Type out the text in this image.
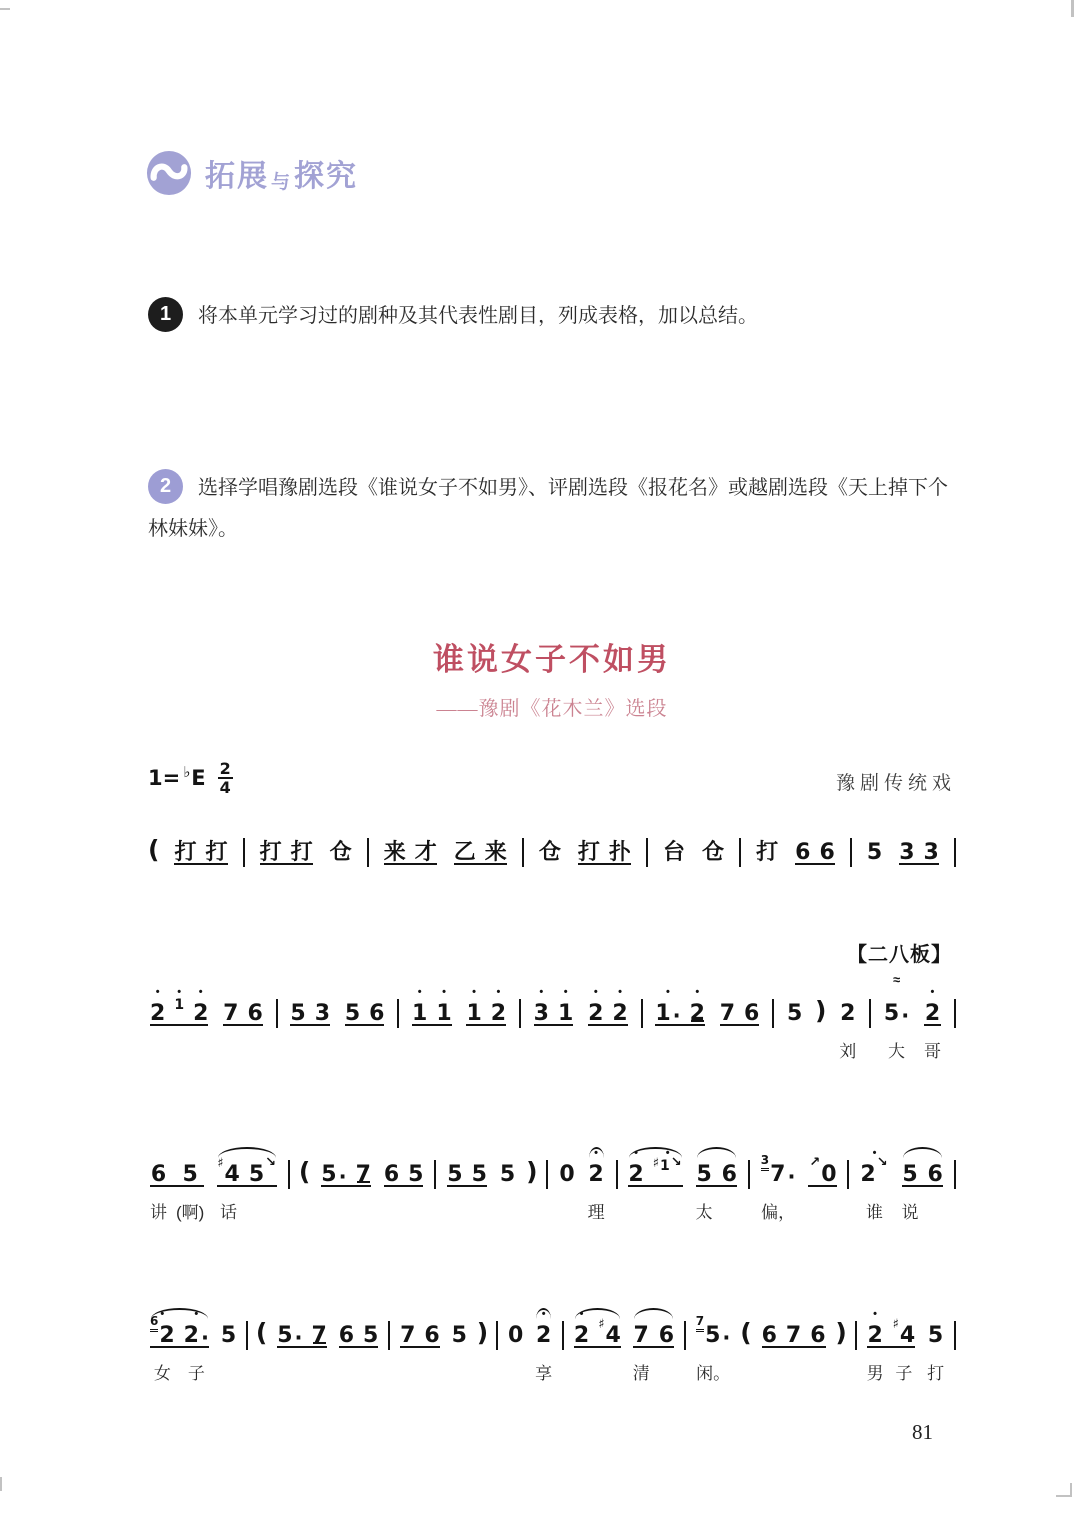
拓展 与 探究
1 将本单元学习过的剧种及其代表性剧目，列成表格，加以总结。
2 选择学唱豫剧选段《谁说女子不如男》、评剧选段《报花名》或越剧选段《天上掉下个林妹妹》。
谁说女子不如男
——豫剧《花木兰》选段
1= ♭ E 2
4	豫剧传统戏
(
打

打

打

打

仓

来

才

乙

来

仓

打

扑

台

仓

打

6

6

5

3

3

【二八板】
•
2

•
1

•
2

7

6

5

3

5

6

•
1

•
1

•
1

•
2

•
3

•
1

•
2

•
2

•
1 ·

•
2

7

6

5
)
2
刘
≈

5 ·
大
•
2
哥

6
讲

5
(啊)

♯ 4
话

5 ↘
(
5 ·

7

6

5

5

5

5
)
0

•
2
理
•
2

•
♯ 1 ↘

5
太

6

3
7 ·
偏，

↗ 0

•
2 ↘
谁

5
说

6

•
6
2
女
•
2 ·
子

5
(
5 ·

7

6

5

7

6

5
)
0

•
2
享
•
2

♯ 4

7
清

6

7
5 ·
闲。
(
6

7

6
)
•
2
男

♯ 4
子

5
打
81
